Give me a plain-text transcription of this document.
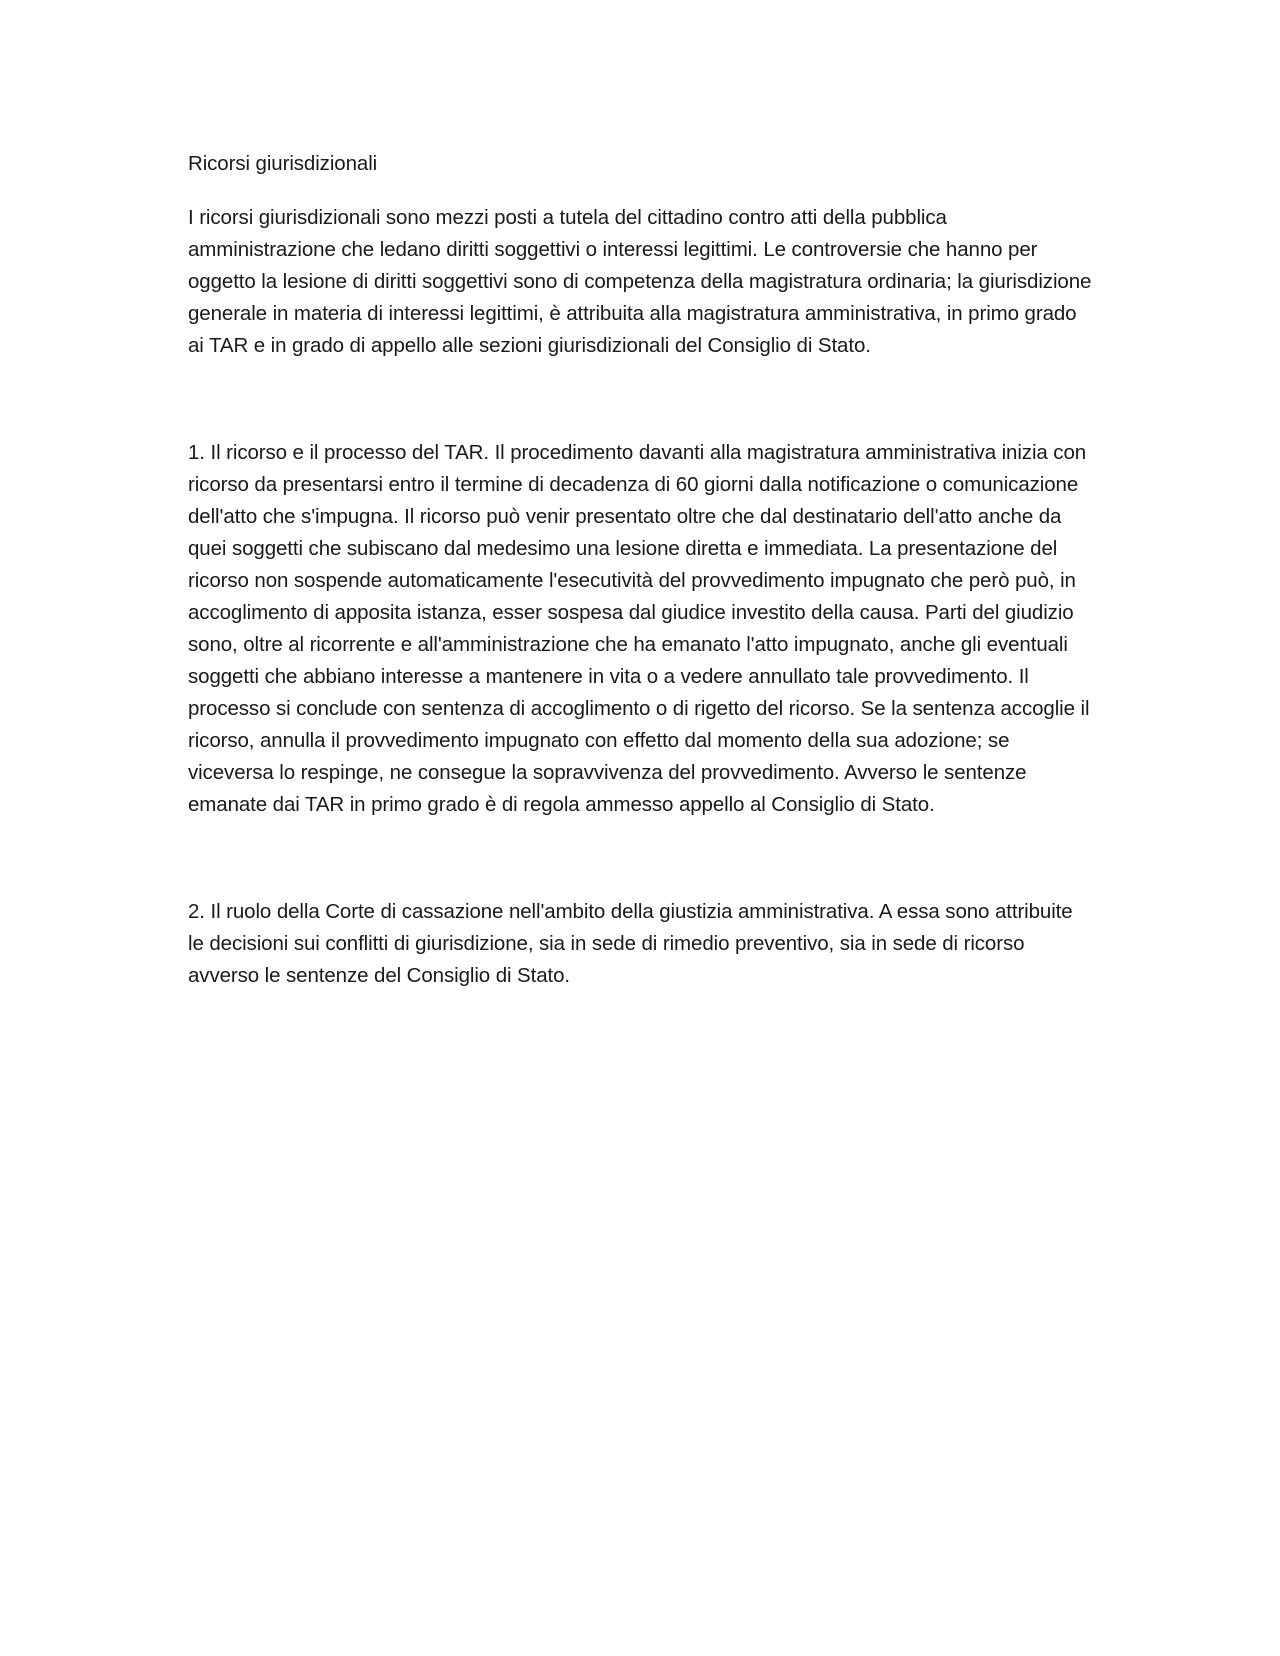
Ricorsi giurisdizionali

I ricorsi giurisdizionali sono mezzi posti a tutela del cittadino contro atti della pubblica amministrazione che ledano diritti soggettivi o interessi legittimi. Le controversie che hanno per oggetto la lesione di diritti soggettivi sono di competenza della magistratura ordinaria; la giurisdizione generale in materia di interessi legittimi, è attribuita alla magistratura amministrativa, in primo grado ai TAR e in grado di appello alle sezioni giurisdizionali del Consiglio di Stato.

1. Il ricorso e il processo del TAR. Il procedimento davanti alla magistratura amministrativa inizia con ricorso da presentarsi entro il termine di decadenza di 60 giorni dalla notificazione o comunicazione dell'atto che s'impugna. Il ricorso può venir presentato oltre che dal destinatario dell'atto anche da quei soggetti che subiscano dal medesimo una lesione diretta e immediata. La presentazione del ricorso non sospende automaticamente l'esecutività del provvedimento impugnato che però può, in accoglimento di apposita istanza, esser sospesa dal giudice investito della causa. Parti del giudizio sono, oltre al ricorrente e all'amministrazione che ha emanato l'atto impugnato, anche gli eventuali soggetti che abbiano interesse a mantenere in vita o a vedere annullato tale provvedimento. Il processo si conclude con sentenza di accoglimento o di rigetto del ricorso. Se la sentenza accoglie il ricorso, annulla il provvedimento impugnato con effetto dal momento della sua adozione; se viceversa lo respinge, ne consegue la sopravvivenza del provvedimento. Avverso le sentenze emanate dai TAR in primo grado è di regola ammesso appello al Consiglio di Stato.

2. Il ruolo della Corte di cassazione nell'ambito della giustizia amministrativa. A essa sono attribuite le decisioni sui conflitti di giurisdizione, sia in sede di rimedio preventivo, sia in sede di ricorso avverso le sentenze del Consiglio di Stato.
